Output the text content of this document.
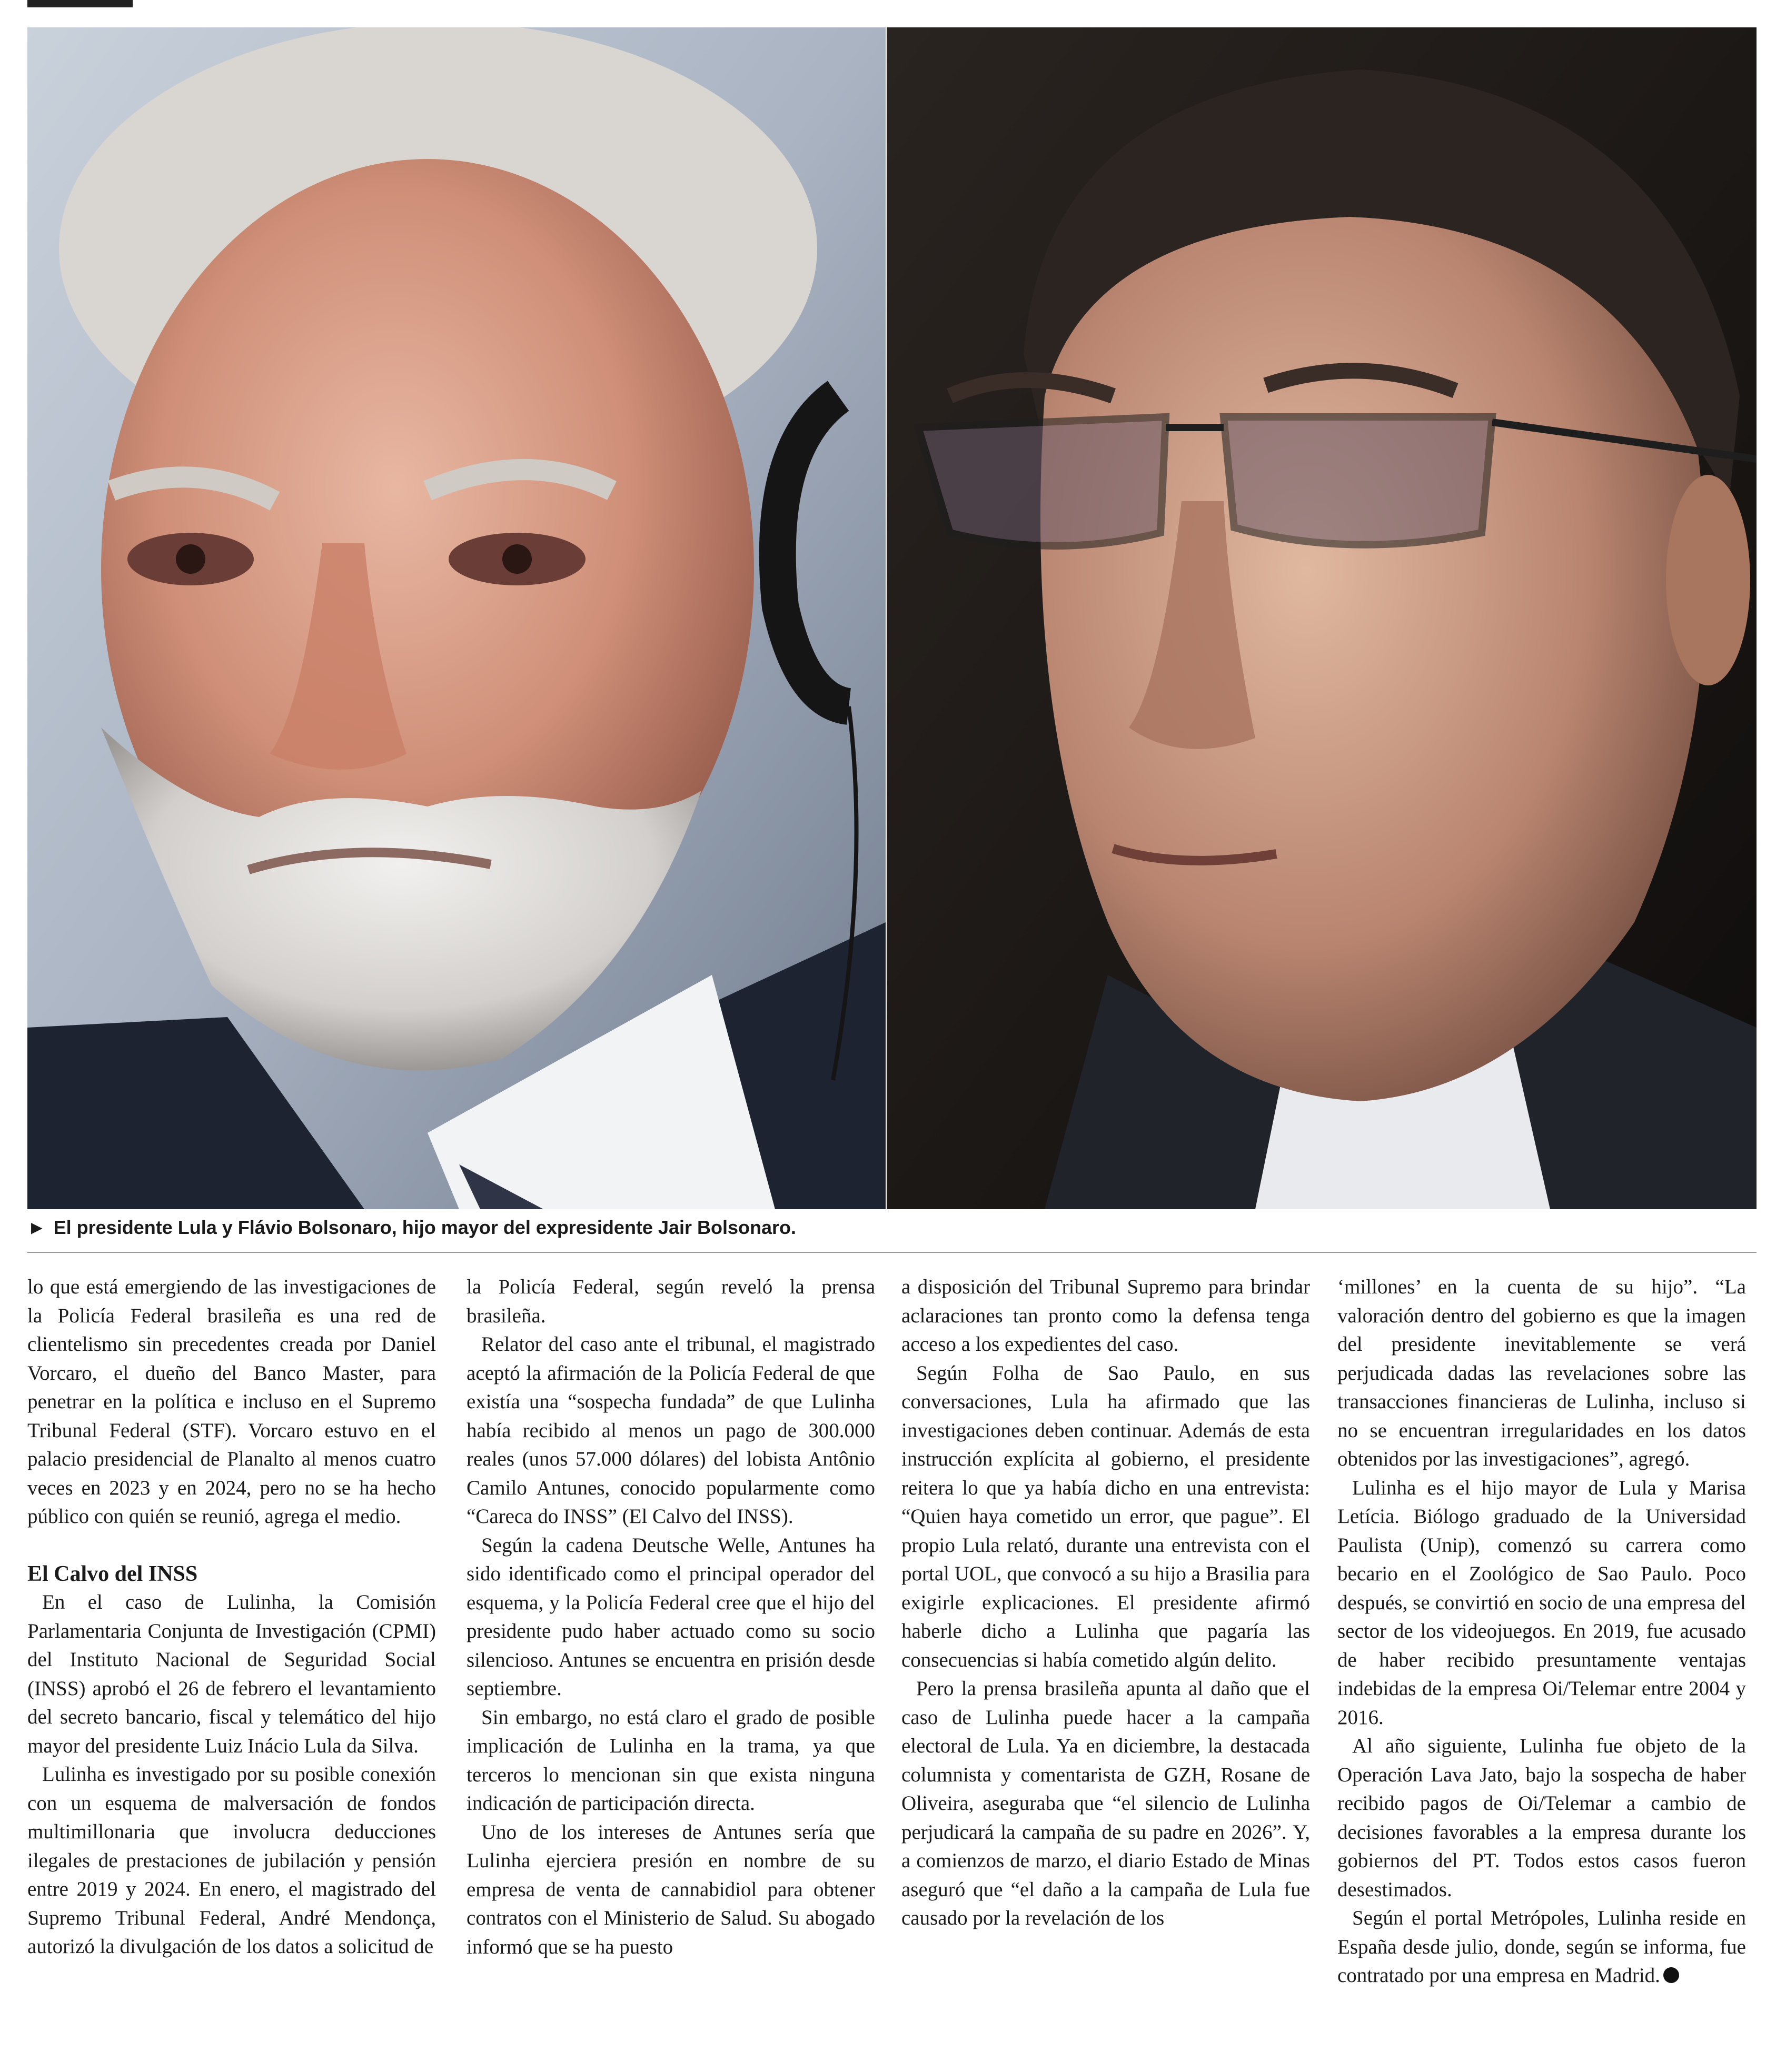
► El presidente Lula y Flávio Bolsonaro, hijo mayor del expresidente Jair Bolsonaro.

lo que está emergiendo de las investigaciones de la Policía Federal brasileña es una red de clientelismo sin precedentes creada por Daniel Vorcaro, el dueño del Banco Master, para penetrar en la política e incluso en el Supremo Tribunal Federal (STF). Vorcaro estuvo en el palacio presidencial de Planalto al menos cuatro veces en 2023 y en 2024, pero no se ha hecho público con quién se reunió, agrega el medio.

El Calvo del INSS

En el caso de Lulinha, la Comisión Parlamentaria Conjunta de Investigación (CPMI) del Instituto Nacional de Seguridad Social (INSS) aprobó el 26 de febrero el levantamiento del secreto bancario, fiscal y telemático del hijo mayor del presidente Luiz Inácio Lula da Silva.

Lulinha es investigado por su posible conexión con un esquema de malversación de fondos multimillonaria que involucra deducciones ilegales de prestaciones de jubilación y pensión entre 2019 y 2024. En enero, el magistrado del Supremo Tribunal Federal, André Mendonça, autorizó la divulgación de los datos a solicitud de

la Policía Federal, según reveló la prensa brasileña.

Relator del caso ante el tribunal, el magistrado aceptó la afirmación de la Policía Federal de que existía una “sospecha fundada” de que Lulinha había recibido al menos un pago de 300.000 reales (unos 57.000 dólares) del lobista Antônio Camilo Antunes, conocido popularmente como “Careca do INSS” (El Calvo del INSS).

Según la cadena Deutsche Welle, Antunes ha sido identificado como el principal operador del esquema, y la Policía Federal cree que el hijo del presidente pudo haber actuado como su socio silencioso. Antunes se encuentra en prisión desde septiembre.

Sin embargo, no está claro el grado de posible implicación de Lulinha en la trama, ya que terceros lo mencionan sin que exista ninguna indicación de participación directa.

Uno de los intereses de Antunes sería que Lulinha ejerciera presión en nombre de su empresa de venta de cannabidiol para obtener contratos con el Ministerio de Salud. Su abogado informó que se ha puesto

a disposición del Tribunal Supremo para brindar aclaraciones tan pronto como la defensa tenga acceso a los expedientes del caso.

Según Folha de Sao Paulo, en sus conversaciones, Lula ha afirmado que las investigaciones deben continuar. Además de esta instrucción explícita al gobierno, el presidente reitera lo que ya había dicho en una entrevista: “Quien haya cometido un error, que pague”. El propio Lula relató, durante una entrevista con el portal UOL, que convocó a su hijo a Brasilia para exigirle explicaciones. El presidente afirmó haberle dicho a Lulinha que pagaría las consecuencias si había cometido algún delito.

Pero la prensa brasileña apunta al daño que el caso de Lulinha puede hacer a la campaña electoral de Lula. Ya en diciembre, la destacada columnista y comentarista de GZH, Rosane de Oliveira, aseguraba que “el silencio de Lulinha perjudicará la campaña de su padre en 2026”. Y, a comienzos de marzo, el diario Estado de Minas aseguró que “el daño a la campaña de Lula fue causado por la revelación de los

‘millones’ en la cuenta de su hijo”. “La valoración dentro del gobierno es que la imagen del presidente inevitablemente se verá perjudicada dadas las revelaciones sobre las transacciones financieras de Lulinha, incluso si no se encuentran irregularidades en los datos obtenidos por las investigaciones”, agregó.

Lulinha es el hijo mayor de Lula y Marisa Letícia. Biólogo graduado de la Universidad Paulista (Unip), comenzó su carrera como becario en el Zoológico de Sao Paulo. Poco después, se convirtió en socio de una empresa del sector de los videojuegos. En 2019, fue acusado de haber recibido presuntamente ventajas indebidas de la empresa Oi/Telemar entre 2004 y 2016.

Al año siguiente, Lulinha fue objeto de la Operación Lava Jato, bajo la sospecha de haber recibido pagos de Oi/Telemar a cambio de decisiones favorables a la empresa durante los gobiernos del PT. Todos estos casos fueron desestimados.

Según el portal Metrópoles, Lulinha reside en España desde julio, donde, según se informa, fue contratado por una empresa en Madrid.
